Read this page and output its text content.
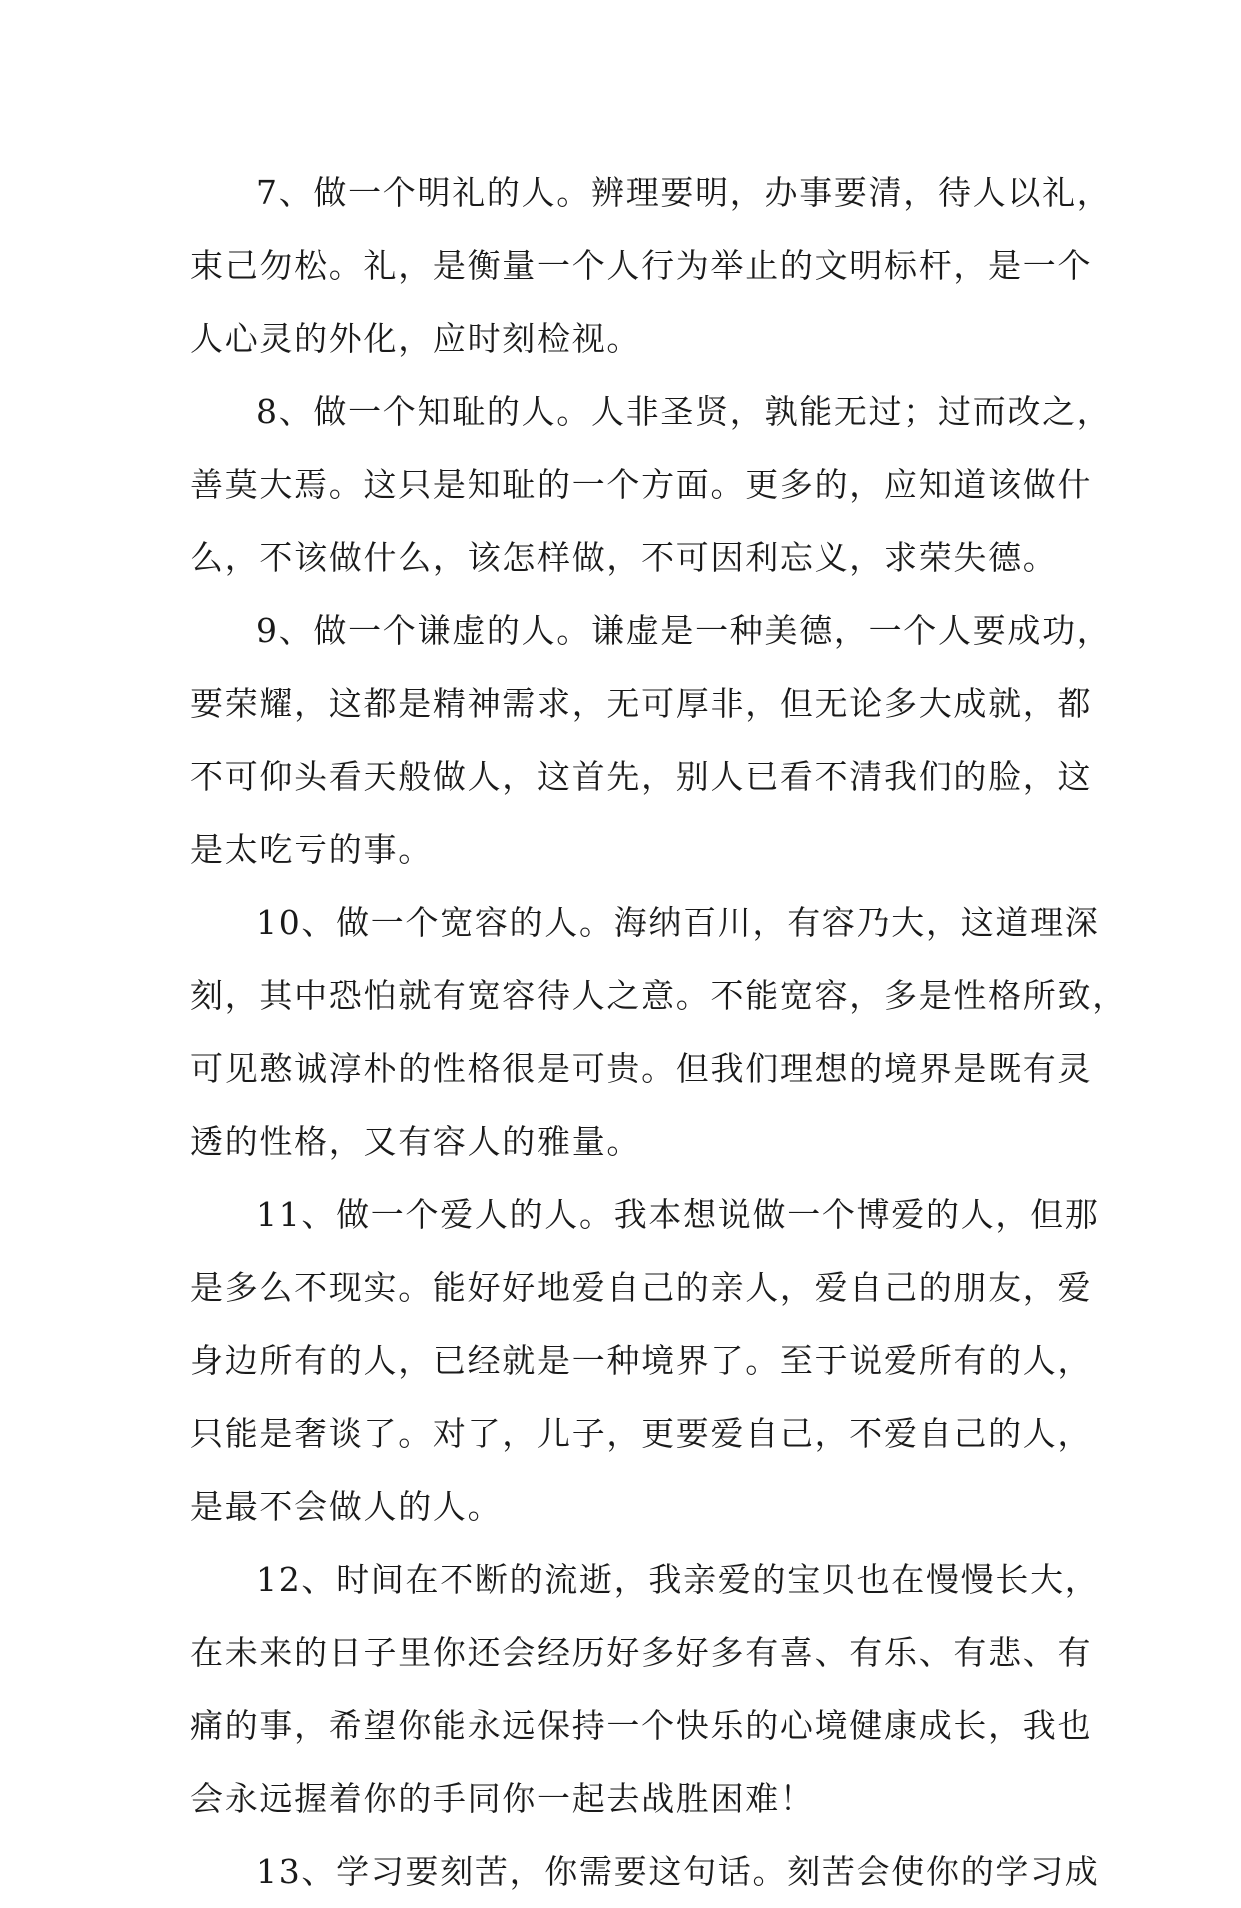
7、做一个明礼的人。辨理要明，办事要清，待人以礼，
束己勿松。礼，是衡量一个人行为举止的文明标杆，是一个
人心灵的外化，应时刻检视。
8、做一个知耻的人。人非圣贤，孰能无过；过而改之，
善莫大焉。这只是知耻的一个方面。更多的，应知道该做什
么，不该做什么，该怎样做，不可因利忘义，求荣失德。
9、做一个谦虚的人。谦虚是一种美德，一个人要成功，
要荣耀，这都是精神需求，无可厚非，但无论多大成就，都
不可仰头看天般做人，这首先，别人已看不清我们的脸，这
是太吃亏的事。
10、做一个宽容的人。海纳百川，有容乃大，这道理深
刻，其中恐怕就有宽容待人之意。不能宽容，多是性格所致，
可见憨诚淳朴的性格很是可贵。但我们理想的境界是既有灵
透的性格，又有容人的雅量。
11、做一个爱人的人。我本想说做一个博爱的人，但那
是多么不现实。能好好地爱自己的亲人，爱自己的朋友，爱
身边所有的人，已经就是一种境界了。至于说爱所有的人，
只能是奢谈了。对了，儿子，更要爱自己，不爱自己的人，
是最不会做人的人。
12、时间在不断的流逝，我亲爱的宝贝也在慢慢长大，
在未来的日子里你还会经历好多好多有喜、有乐、有悲、有
痛的事，希望你能永远保持一个快乐的心境健康成长，我也
会永远握着你的手同你一起去战胜困难！
13、学习要刻苦，你需要这句话。刻苦会使你的学习成
